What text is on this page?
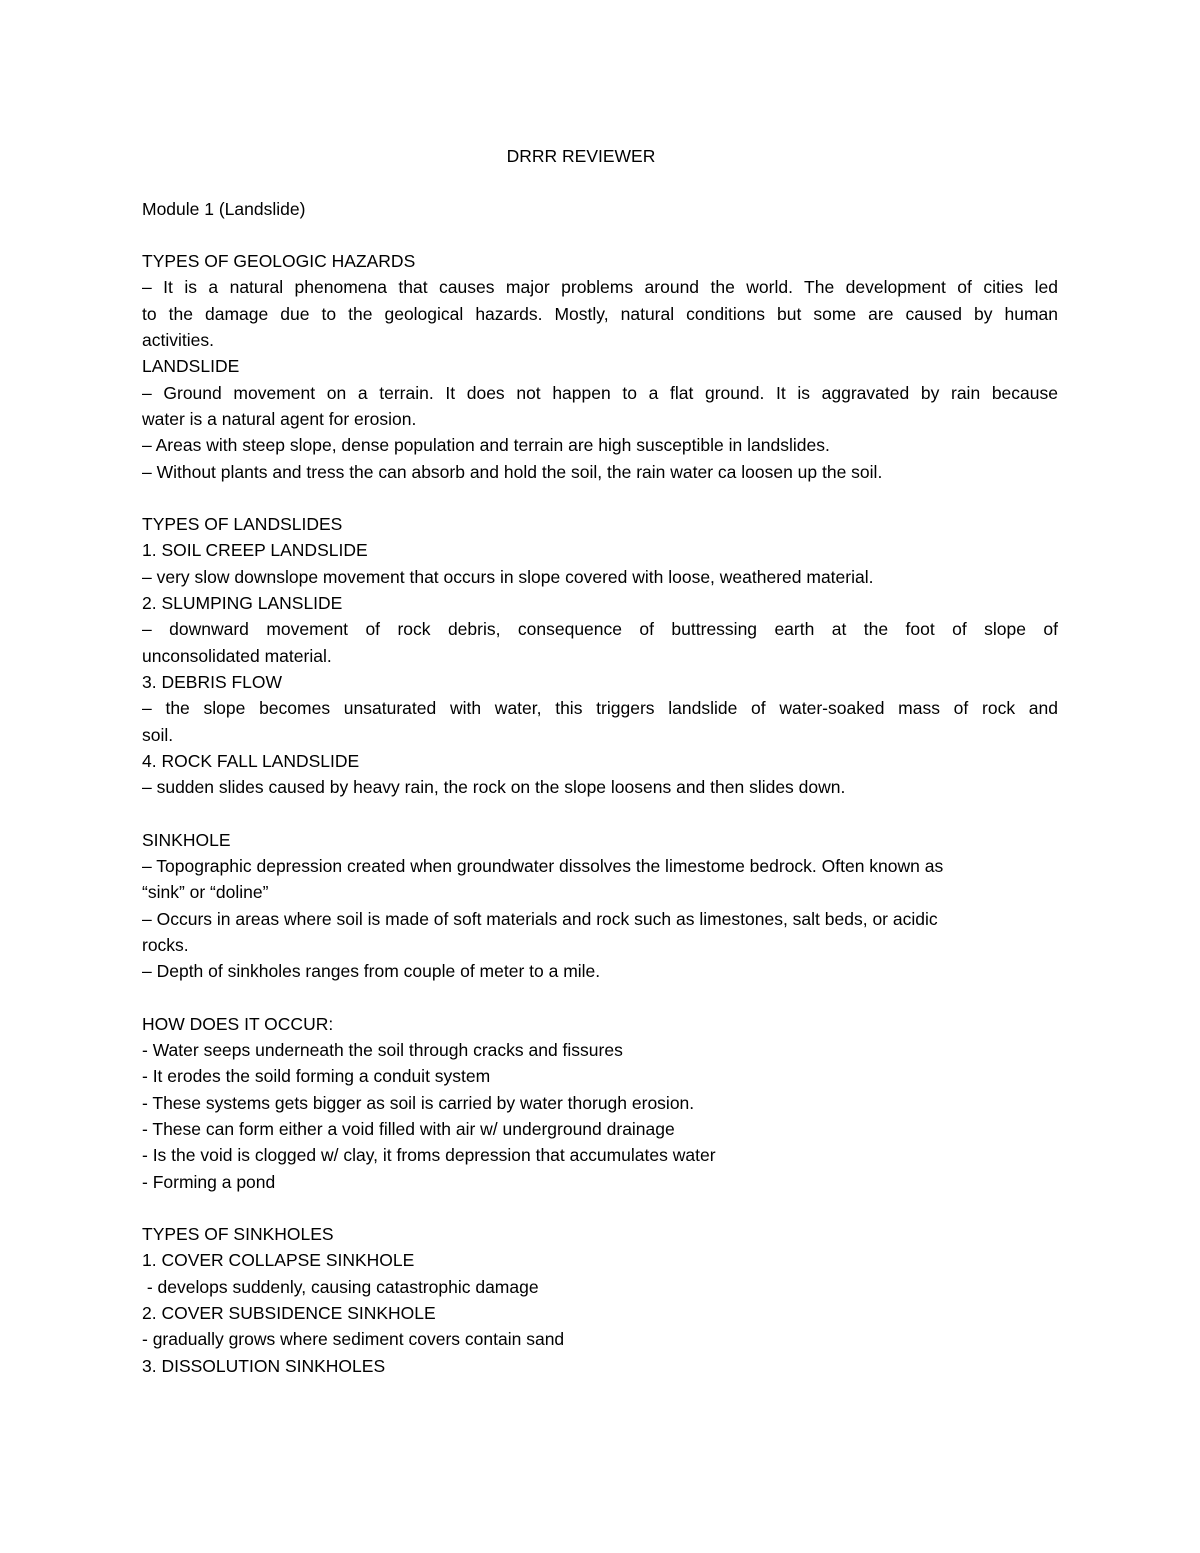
DRRR REVIEWER
Module 1 (Landslide)
TYPES OF GEOLOGIC HAZARDS
– It is a natural phenomena that causes major problems around the world. The development of cities led
to the damage due to the geological hazards. Mostly, natural conditions but some are caused by human
activities.
LANDSLIDE
– Ground movement on a terrain. It does not happen to a flat ground. It is aggravated by rain because
water is a natural agent for erosion.
– Areas with steep slope, dense population and terrain are high susceptible in landslides.
– Without plants and tress the can absorb and hold the soil, the rain water ca loosen up the soil.
TYPES OF LANDSLIDES
1. SOIL CREEP LANDSLIDE
– very slow downslope movement that occurs in slope covered with loose, weathered material.
2. SLUMPING LANSLIDE
– downward movement of rock debris, consequence of buttressing earth at the foot of slope of
unconsolidated material.
3. DEBRIS FLOW
– the slope becomes unsaturated with water, this triggers landslide of water-soaked mass of rock and
soil.
4. ROCK FALL LANDSLIDE
– sudden slides caused by heavy rain, the rock on the slope loosens and then slides down.
SINKHOLE
– Topographic depression created when groundwater dissolves the limestome bedrock. Often known as
“sink” or “doline”
– Occurs in areas where soil is made of soft materials and rock such as limestones, salt beds, or acidic
rocks.
– Depth of sinkholes ranges from couple of meter to a mile.
HOW DOES IT OCCUR:
- Water seeps underneath the soil through cracks and fissures
- It erodes the soild forming a conduit system
- These systems gets bigger as soil is carried by water thorugh erosion.
- These can form either a void filled with air w/ underground drainage
- Is the void is clogged w/ clay, it froms depression that accumulates water
- Forming a pond
TYPES OF SINKHOLES
1. COVER COLLAPSE SINKHOLE
- develops suddenly, causing catastrophic damage
2. COVER SUBSIDENCE SINKHOLE
- gradually grows where sediment covers contain sand
3. DISSOLUTION SINKHOLES
